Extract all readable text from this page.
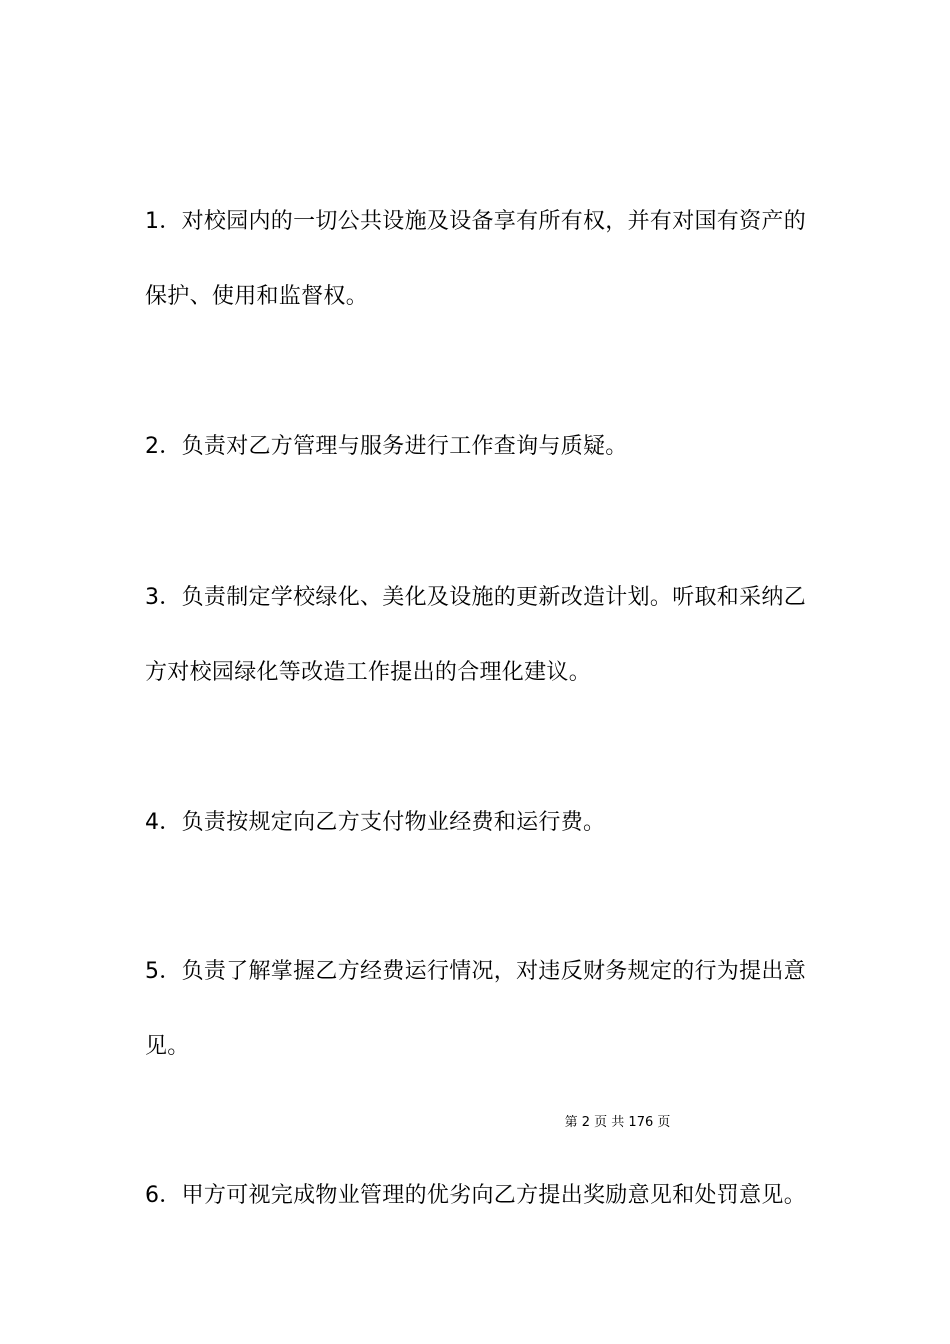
1．对校园内的一切公共设施及设备享有所有权，并有对国有资产的
保护、使用和监督权。

2．负责对乙方管理与服务进行工作查询与质疑。

3．负责制定学校绿化、美化及设施的更新改造计划。听取和采纳乙
方对校园绿化等改造工作提出的合理化建议。

4．负责按规定向乙方支付物业经费和运行费。

5．负责了解掌握乙方经费运行情况，对违反财务规定的行为提出意
见。

第 2 页 共 176 页

6．甲方可视完成物业管理的优劣向乙方提出奖励意见和处罚意见。
